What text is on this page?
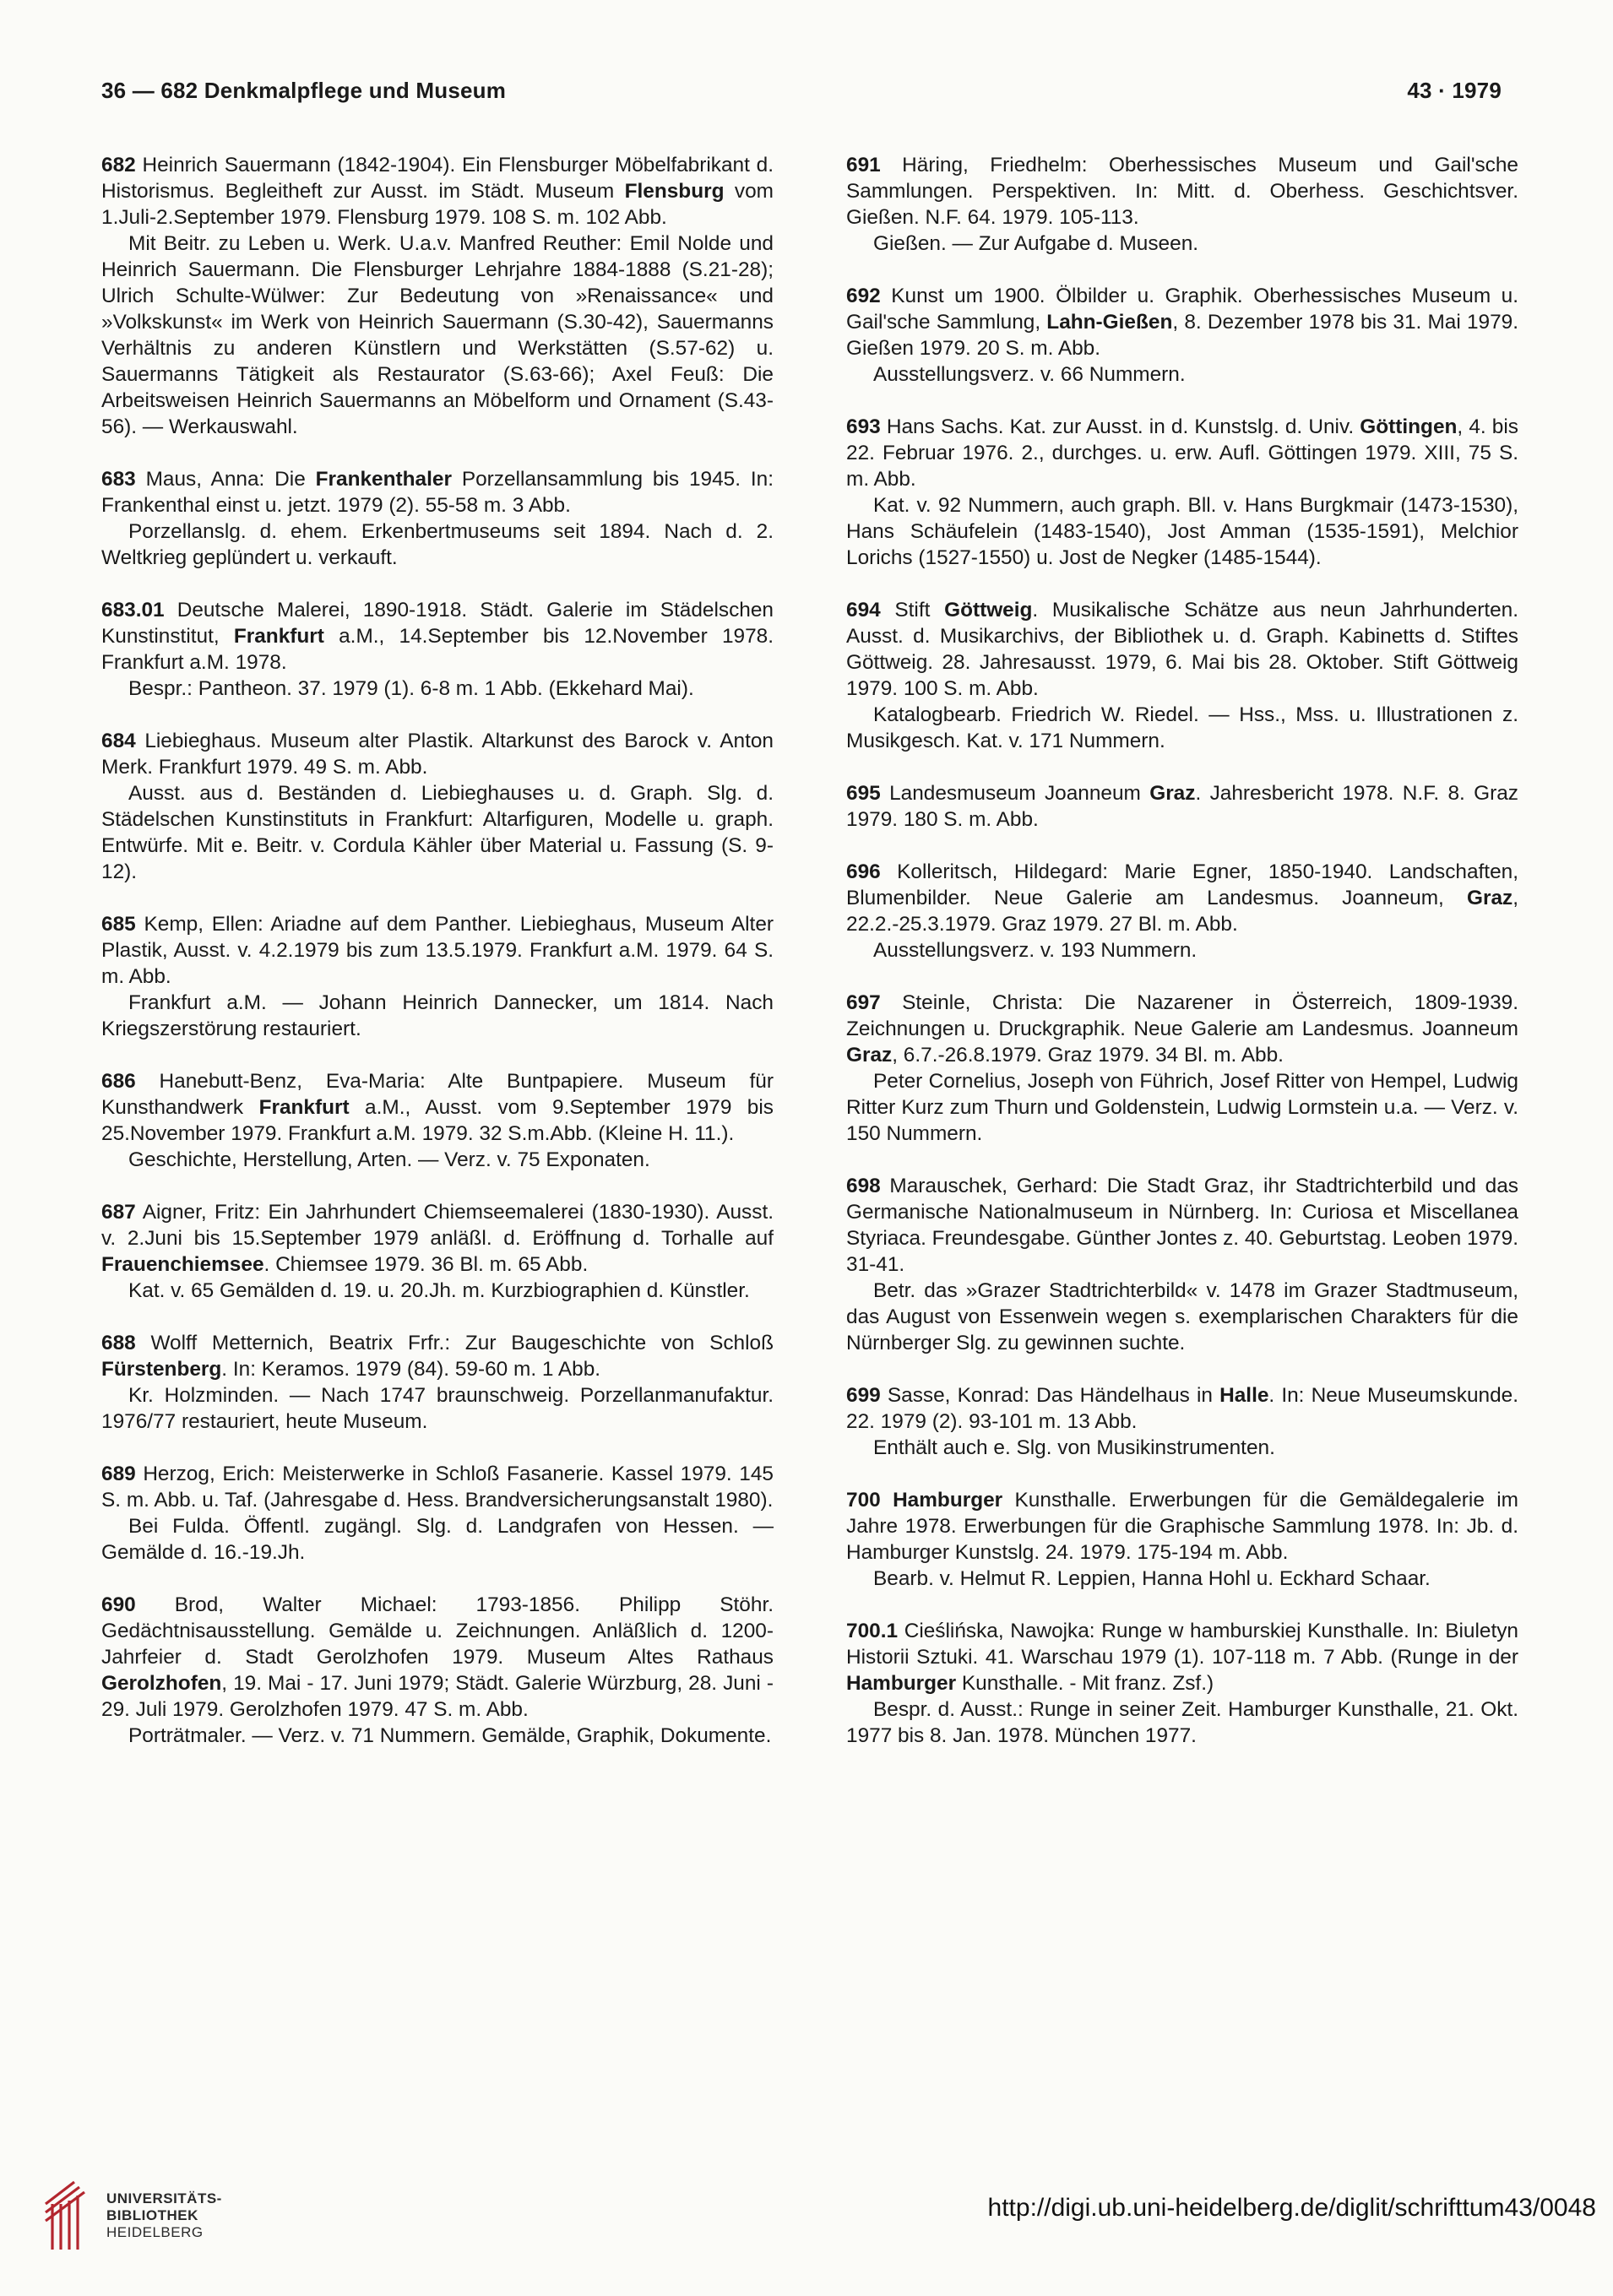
36 — 682 Denkmalpflege und Museum	43 · 1979

682 Heinrich Sauermann (1842-1904). Ein Flensburger Möbelfabrikant d. Historismus. Begleitheft zur Ausst. im Städt. Museum Flensburg vom 1.Juli-2.September 1979. Flensburg 1979. 108 S. m. 102 Abb.

Mit Beitr. zu Leben u. Werk. U.a.v. Manfred Reuther: Emil Nolde und Heinrich Sauermann. Die Flensburger Lehrjahre 1884-1888 (S.21-28); Ulrich Schulte-Wülwer: Zur Bedeutung von »Renaissance« und »Volkskunst« im Werk von Heinrich Sauermann (S.30-42), Sauermanns Verhältnis zu anderen Künstlern und Werkstätten (S.57-62) u. Sauermanns Tätigkeit als Restaurator (S.63-66); Axel Feuß: Die Arbeitsweisen Heinrich Sauermanns an Möbelform und Ornament (S.43-56). — Werkauswahl.

683 Maus, Anna: Die Frankenthaler Porzellansammlung bis 1945. In: Frankenthal einst u. jetzt. 1979 (2). 55-58 m. 3 Abb.

Porzellanslg. d. ehem. Erkenbertmuseums seit 1894. Nach d. 2. Weltkrieg geplündert u. verkauft.

683.01 Deutsche Malerei, 1890-1918. Städt. Galerie im Städelschen Kunstinstitut, Frankfurt a.M., 14.September bis 12.November 1978. Frankfurt a.M. 1978.

Bespr.: Pantheon. 37. 1979 (1). 6-8 m. 1 Abb. (Ekkehard Mai).

684 Liebieghaus. Museum alter Plastik. Altarkunst des Barock v. Anton Merk. Frankfurt 1979. 49 S. m. Abb.

Ausst. aus d. Beständen d. Liebieghauses u. d. Graph. Slg. d. Städelschen Kunstinstituts in Frankfurt: Altarfiguren, Modelle u. graph. Entwürfe. Mit e. Beitr. v. Cordula Kähler über Material u. Fassung (S. 9-12).

685 Kemp, Ellen: Ariadne auf dem Panther. Liebieghaus, Museum Alter Plastik, Ausst. v. 4.2.1979 bis zum 13.5.1979. Frankfurt a.M. 1979. 64 S. m. Abb.

Frankfurt a.M. — Johann Heinrich Dannecker, um 1814. Nach Kriegszerstörung restauriert.

686 Hanebutt-Benz, Eva-Maria: Alte Buntpapiere. Museum für Kunsthandwerk Frankfurt a.M., Ausst. vom 9.September 1979 bis 25.November 1979. Frankfurt a.M. 1979. 32 S.m.Abb. (Kleine H. 11.).

Geschichte, Herstellung, Arten. — Verz. v. 75 Exponaten.

687 Aigner, Fritz: Ein Jahrhundert Chiemseemalerei (1830-1930). Ausst. v. 2.Juni bis 15.September 1979 anläßl. d. Eröffnung d. Torhalle auf Frauenchiemsee. Chiemsee 1979. 36 Bl. m. 65 Abb.

Kat. v. 65 Gemälden d. 19. u. 20.Jh. m. Kurzbiographien d. Künstler.

688 Wolff Metternich, Beatrix Frfr.: Zur Baugeschichte von Schloß Fürstenberg. In: Keramos. 1979 (84). 59-60 m. 1 Abb.

Kr. Holzminden. — Nach 1747 braunschweig. Porzellanmanufaktur. 1976/77 restauriert, heute Museum.

689 Herzog, Erich: Meisterwerke in Schloß Fasanerie. Kassel 1979. 145 S. m. Abb. u. Taf. (Jahresgabe d. Hess. Brandversicherungsanstalt 1980).

Bei Fulda. Öffentl. zugängl. Slg. d. Landgrafen von Hessen. — Gemälde d. 16.-19.Jh.

690 Brod, Walter Michael: 1793-1856. Philipp Stöhr. Gedächtnisausstellung. Gemälde u. Zeichnungen. Anläßlich d. 1200-Jahrfeier d. Stadt Gerolzhofen 1979. Museum Altes Rathaus Gerolzhofen, 19. Mai - 17. Juni 1979; Städt. Galerie Würzburg, 28. Juni - 29. Juli 1979. Gerolzhofen 1979. 47 S. m. Abb.

Porträtmaler. — Verz. v. 71 Nummern. Gemälde, Graphik, Dokumente.

691 Häring, Friedhelm: Oberhessisches Museum und Gail'sche Sammlungen. Perspektiven. In: Mitt. d. Oberhess. Geschichtsver. Gießen. N.F. 64. 1979. 105-113.

Gießen. — Zur Aufgabe d. Museen.

692 Kunst um 1900. Ölbilder u. Graphik. Oberhessisches Museum u. Gail'sche Sammlung, Lahn-Gießen, 8. Dezember 1978 bis 31. Mai 1979. Gießen 1979. 20 S. m. Abb.

Ausstellungsverz. v. 66 Nummern.

693 Hans Sachs. Kat. zur Ausst. in d. Kunstslg. d. Univ. Göttingen, 4. bis 22. Februar 1976. 2., durchges. u. erw. Aufl. Göttingen 1979. XIII, 75 S. m. Abb.

Kat. v. 92 Nummern, auch graph. Bll. v. Hans Burgkmair (1473-1530), Hans Schäufelein (1483-1540), Jost Amman (1535-1591), Melchior Lorichs (1527-1550) u. Jost de Negker (1485-1544).

694 Stift Göttweig. Musikalische Schätze aus neun Jahrhunderten. Ausst. d. Musikarchivs, der Bibliothek u. d. Graph. Kabinetts d. Stiftes Göttweig. 28. Jahresausst. 1979, 6. Mai bis 28. Oktober. Stift Göttweig 1979. 100 S. m. Abb.

Katalogbearb. Friedrich W. Riedel. — Hss., Mss. u. Illustrationen z. Musikgesch. Kat. v. 171 Nummern.

695 Landesmuseum Joanneum Graz. Jahresbericht 1978. N.F. 8. Graz 1979. 180 S. m. Abb.

696 Kolleritsch, Hildegard: Marie Egner, 1850-1940. Landschaften, Blumenbilder. Neue Galerie am Landesmus. Joanneum, Graz, 22.2.-25.3.1979. Graz 1979. 27 Bl. m. Abb.

Ausstellungsverz. v. 193 Nummern.

697 Steinle, Christa: Die Nazarener in Österreich, 1809-1939. Zeichnungen u. Druckgraphik. Neue Galerie am Landesmus. Joanneum Graz, 6.7.-26.8.1979. Graz 1979. 34 Bl. m. Abb.

Peter Cornelius, Joseph von Führich, Josef Ritter von Hempel, Ludwig Ritter Kurz zum Thurn und Goldenstein, Ludwig Lormstein u.a. — Verz. v. 150 Nummern.

698 Marauschek, Gerhard: Die Stadt Graz, ihr Stadtrichterbild und das Germanische Nationalmuseum in Nürnberg. In: Curiosa et Miscellanea Styriaca. Freundesgabe. Günther Jontes z. 40. Geburtstag. Leoben 1979. 31-41.

Betr. das »Grazer Stadtrichterbild« v. 1478 im Grazer Stadtmuseum, das August von Essenwein wegen s. exemplarischen Charakters für die Nürnberger Slg. zu gewinnen suchte.

699 Sasse, Konrad: Das Händelhaus in Halle. In: Neue Museumskunde. 22. 1979 (2). 93-101 m. 13 Abb.

Enthält auch e. Slg. von Musikinstrumenten.

700 Hamburger Kunsthalle. Erwerbungen für die Gemäldegalerie im Jahre 1978. Erwerbungen für die Graphische Sammlung 1978. In: Jb. d. Hamburger Kunstslg. 24. 1979. 175-194 m. Abb.

Bearb. v. Helmut R. Leppien, Hanna Hohl u. Eckhard Schaar.

700.1 Cieślińska, Nawojka: Runge w hamburskiej Kunsthalle. In: Biuletyn Historii Sztuki. 41. Warschau 1979 (1). 107-118 m. 7 Abb. (Runge in der Hamburger Kunsthalle. - Mit franz. Zsf.)

Bespr. d. Ausst.: Runge in seiner Zeit. Hamburger Kunsthalle, 21. Okt. 1977 bis 8. Jan. 1978. München 1977.

UNIVERSITÄTS-
BIBLIOTHEK
HEIDELBERG
http://digi.ub.uni-heidelberg.de/diglit/schrifttum43/0048
